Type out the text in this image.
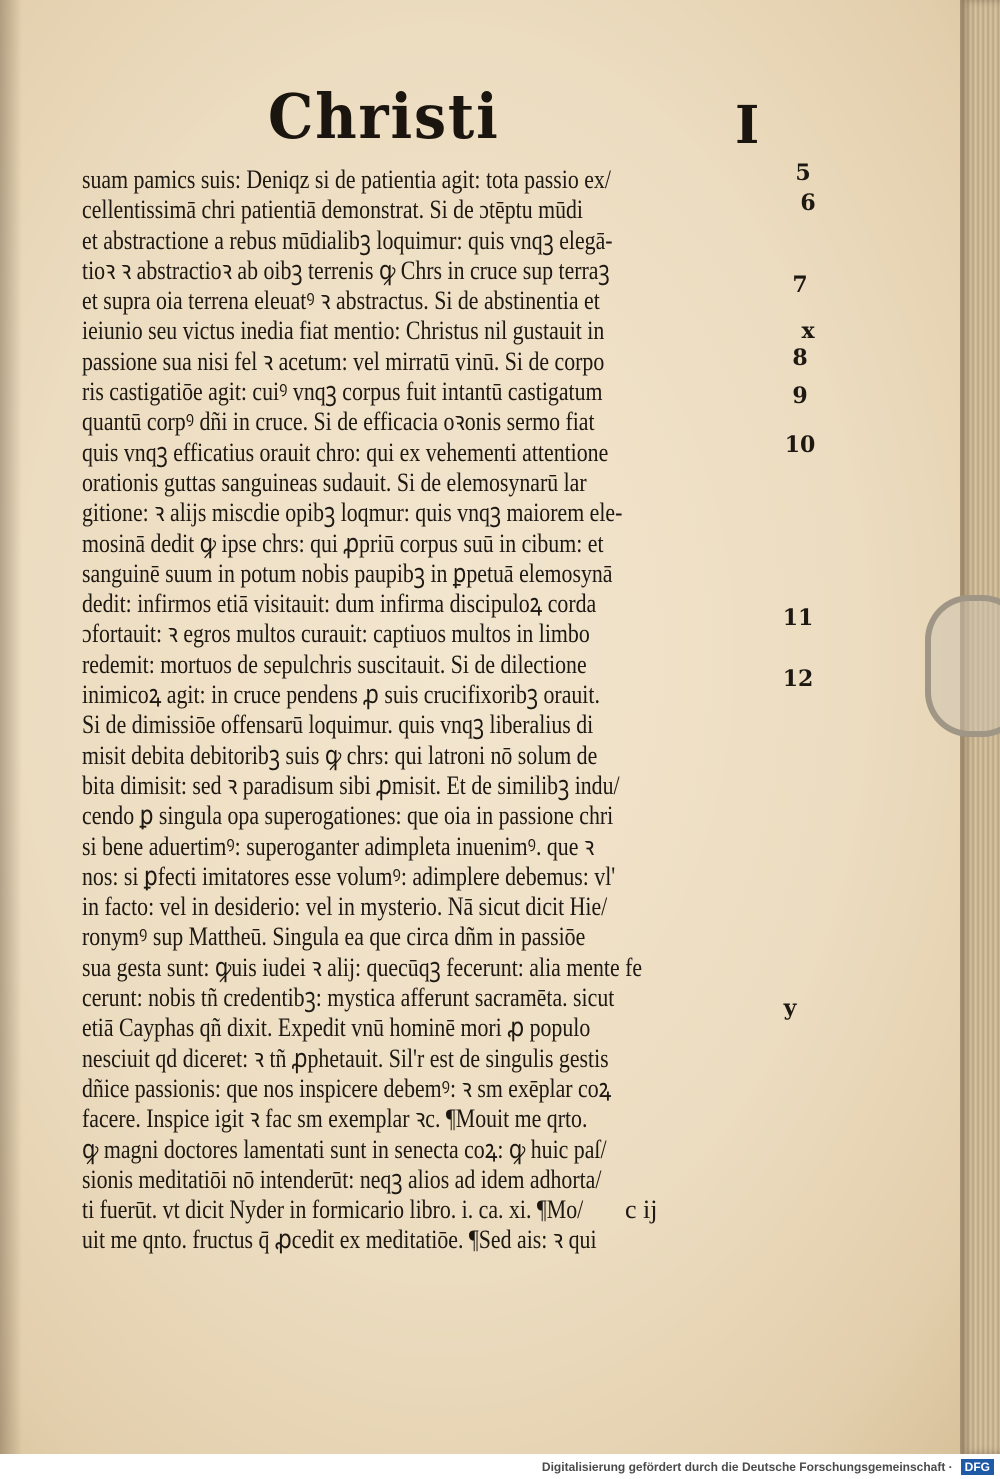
Christi	I
suam pamics suis: Deniqz si de patientia agit: tota passio ex/
cellentissimā chri patientiā demonstrat. Si de ɔtēptu mūdi
et abstractione a rebus mūdialibꝫ loquimur: quis vnqꝫ elegā-
tioꝛ ꝛ abstractioꝛ ab oibꝫ terrenis ꝙ Chrs in cruce sup terraꝫ
et supra oia terrena eleuatꝰ ꝛ abstractus. Si de abstinentia et
ieiunio seu victus inedia fiat mentio: Christus nil gustauit in
passione sua nisi fel ꝛ acetum: vel mirratū vinū. Si de corpo
ris castigatiōe agit: cuiꝰ vnqꝫ corpus fuit intantū castigatum
quantū corpꝰ dñi in cruce. Si de efficacia oꝛonis sermo fiat
quis vnqꝫ efficatius orauit chro: qui ex vehementi attentione
orationis guttas sanguineas sudauit. Si de elemosynarū lar
gitione: ꝛ alijs miscdie opibꝫ loqmur: quis vnqꝫ maiorem ele-
mosinā dedit ꝙ ipse chrs: qui ꝓpriū corpus suū in cibum: et
sanguinē suum in potum nobis paupibꝫ in ꝑpetuā elemosynā
dedit: infirmos etiā visitauit: dum infirma discipuloꝝ corda
ɔfortauit: ꝛ egros multos curauit: captiuos multos in limbo
redemit: mortuos de sepulchris suscitauit. Si de dilectione
inimicoꝝ agit: in cruce pendens ꝓ suis crucifixoribꝫ orauit.
Si de dimissiōe offensarū loquimur. quis vnqꝫ liberalius di
misit debita debitoribꝫ suis ꝙ chrs: qui latroni nō solum de
bita dimisit: sed ꝛ paradisum sibi ꝓmisit. Et de similibꝫ indu/
cendo ꝑ singula opa superogationes: que oia in passione chri
si bene aduertimꝰ: superoganter adimpleta inuenimꝰ. que ꝛ
nos: si ꝑfecti imitatores esse volumꝰ: adimplere debemus: vl'
in facto: vel in desiderio: vel in mysterio. Nā sicut dicit Hie/
ronymꝰ sup Mattheū. Singula ea que circa dñm in passiōe
sua gesta sunt: ꝙuis iudei ꝛ alij: quecūqꝫ fecerunt: alia mente fe
cerunt: nobis tñ credentibꝫ: mystica afferunt sacramēta. sicut
etiā Cayphas qñ dixit. Expedit vnū hominē mori ꝓ populo
nesciuit qd diceret: ꝛ tñ ꝓphetauit. Sil'r est de singulis gestis
dñice passionis: que nos inspicere debemꝰ: ꝛ sm exēplar coꝝ
facere. Inspice igit ꝛ fac sm exemplar ꝛc. ¶Mouit me qrto.
ꝙ magni doctores lamentati sunt in senecta coꝝ: ꝙ huic paſ/
sionis meditatiōi nō intenderūt: neqꝫ alios ad idem adhorta/
ti fuerūt. vt dicit Nyder in formicario libro. i. ca. xi. ¶Mo/
uit me qnto. fructus q̄ ꝓcedit ex meditatiōe. ¶Sed ais: ꝛ qui
5
6
7
x
8
9
10
11
12
y
c ij
Digitalisierung gefördert durch die Deutsche Forschungsgemeinschaft ·	DFG
